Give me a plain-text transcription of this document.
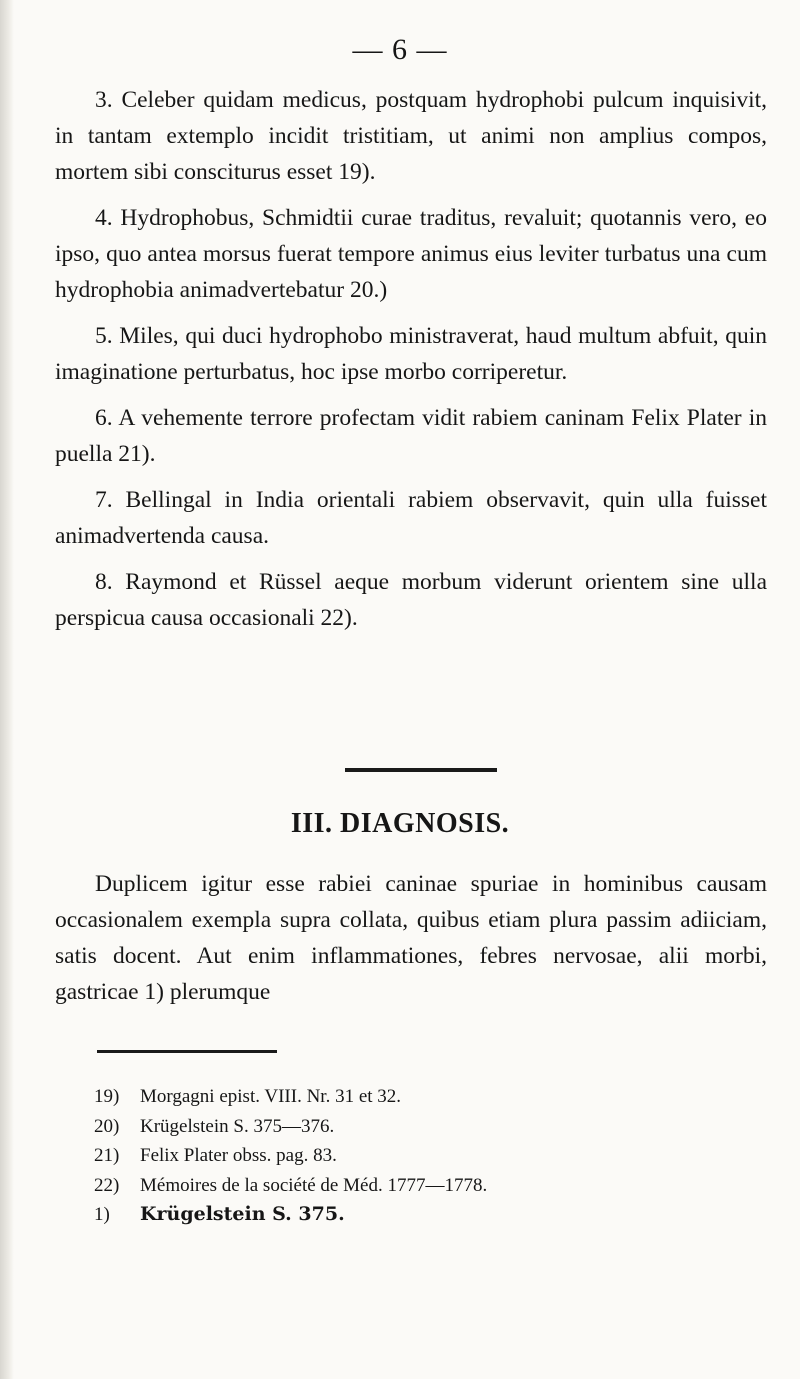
— 6 —

3. Celeber quidam medicus, postquam hydrophobi pulcum inquisivit, in tantam extemplo incidit tristitiam, ut animi non amplius compos, mortem sibi consciturus esset 19).

4. Hydrophobus, Schmidtii curae traditus, revaluit; quotannis vero, eo ipso, quo antea morsus fuerat tempore animus eius leviter turbatus una cum hydrophobia animadvertebatur 20.)

5. Miles, qui duci hydrophobo ministraverat, haud multum abfuit, quin imaginatione perturbatus, hoc ipse morbo corriperetur.

6. A vehemente terrore profectam vidit rabiem caninam Felix Plater in puella 21).

7. Bellingal in India orientali rabiem observavit, quin ulla fuisset animadvertenda causa.

8. Raymond et Rüssel aeque morbum viderunt orientem sine ulla perspicua causa occasionali 22).

III. DIAGNOSIS.

Duplicem igitur esse rabiei caninae spuriae in hominibus causam occasionalem exempla supra collata, quibus etiam plura passim adiiciam, satis docent. Aut enim inflammationes, febres nervosae, alii morbi, gastricae 1) plerumque

19) Morgagni epist. VIII. Nr. 31 et 32.

20) Krügelstein S. 375—376.

21) Felix Plater obss. pag. 83.

22) Mémoires de la société de Méd. 1777—1778.

1) Krügelstein S. 375.
